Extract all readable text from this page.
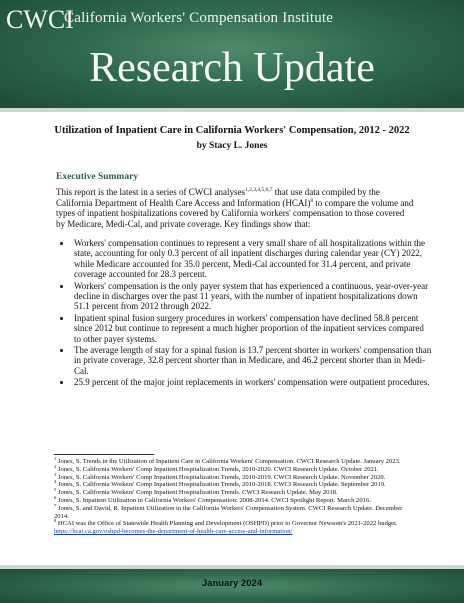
CWCI
California Workers' Compensation Institute
Research Update
Utilization of Inpatient Care in California Workers' Compensation, 2012 - 2022
by Stacy L. Jones
Executive Summary
This report is the latest in a series of CWCI analyses$^{1,2,3,4,5,6,7}$ that use data compiled by the California Department of Health Care Access and Information (HCAI)$^8$ to compare the volume and types of inpatient hospitalizations covered by California workers' compensation to those covered by Medicare, Medi-Cal, and private coverage. Key findings show that:
• Workers' compensation continues to represent a very small share of all hospitalizations within the state, accounting for only 0.3 percent of all inpatient discharges during calendar year (CY) 2022, while Medicare accounted for 35.0 percent, Medi-Cal accounted for 31.4 percent, and private coverage accounted for 28.3 percent.
• Workers' compensation is the only payer system that has experienced a continuous, year-over-year decline in discharges over the past 11 years, with the number of inpatient hospitalizations down 51.1 percent from 2012 through 2022.
• Inpatient spinal fusion surgery procedures in workers' compensation have declined 58.8 percent since 2012 but continue to represent a much higher proportion of the inpatient services compared to other payer systems.
• The average length of stay for a spinal fusion is 13.7 percent shorter in workers' compensation than in private coverage, 32.8 percent shorter than in Medicare, and 46.2 percent shorter than in Medi-Cal.
• 25.9 percent of the major joint replacements in workers' compensation were outpatient procedures.

$^1$ Jones, S. Trends in the Utilization of Inpatient Care in California Workers' Compensation. CWCI Research Update. January 2023.

$^2$ Jones, S. California Workers' Comp Inpatient Hospitalization Trends, 2010-2020. CWCI Research Update. October 2021.

$^3$ Jones, S. California Workers' Comp Inpatient Hospitalization Trends, 2010-2019. CWCI Research Update. November 2020.

$^4$ Jones, S. California Workers' Comp Inpatient Hospitalization Trends, 2010-2018. CWCI Research Update. September 2019.

$^5$ Jones, S. California Workers' Comp Inpatient Hospitalization Trends. CWCI Research Update. May 2018.

$^6$ Jones, S. Inpatient Utilization in California Workers' Compensation: 2008-2014. CWCI Spotlight Report. March 2016.

$^7$ Jones, S. and David, R. Inpatient Utilization in the California Workers' Compensation System. CWCI Research Update. December 2014.

$^8$ HCAI was the Office of Statewide Health Planning and Development (OSHPD) prior to Governor Newsom's 2021-2022 budget. https://hcai.ca.gov/oshpd-becomes-the-department-of-health-care-access-and-information/

January 2024
